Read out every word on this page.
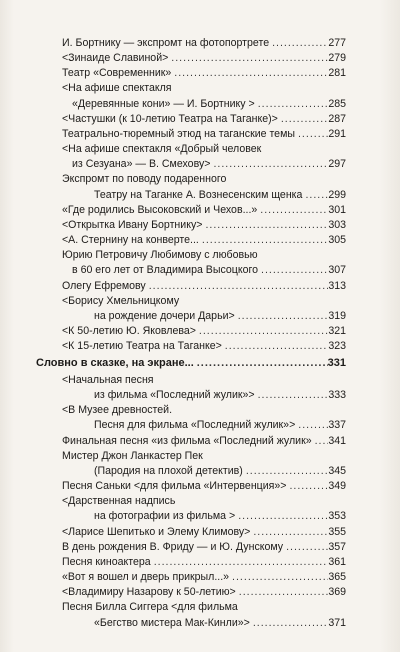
И. Бортнику — экспромт на фотопортрете .....	277
<Зинаиде Славиной> .....	279
Театр «Современник» .....	281
<На афише спектакля
«Деревянные кони» — И. Бортнику > .....	285
<Частушки (к 10-летию Театра на Таганке)> .....	287
Театрально-тюремный этюд на таганские темы .....	291
<На афише спектакля «Добрый человек
из Сезуана» — В. Смехову> .....	297
Экспромт по поводу подаренного
Театру на Таганке А. Вознесенским щенка ..... 299
«Где родились Высоковский и Чехов...» .....	301
<Открытка Ивану Бортнику> .....	303
<А. Стернину на конверте... .....	305
Юрию Петровичу Любимову с любовью
в 60 его лет от Владимира Высоцкого .....	307
Олегу Ефремову .....	313
<Борису Хмельницкому
на рождение дочери Дарьи> .....	319
<К 50-летию Ю. Яковлева> .....	321
<К 15-летию Театра на Таганке> .....	323
Словно в сказке, на экране... .....	331
<Начальная песня
из фильма «Последний жулик»> .....	333
<В Музее древностей.
Песня для фильма «Последний жулик»> .....	337
Финальная песня «из фильма «Последний жулик» ..... 341
Мистер Джон Ланкастер Пек
(Пародия на плохой детектив) .....	345
Песня Саньки <для фильма «Интервенция»> .....	349
<Дарственная надпись
на фотографии из фильма > .....	353
<Ларисе Шепитько и Элему Климову> .....	355
В день рождения В. Фриду — и Ю. Дунскому .....	357
Песня киноактера .....	361
«Вот я вошел и дверь прикрыл...» .....	365
<Владимиру Назарову к 50-летию> .....	369
Песня Билла Сиггера <для фильма
«Бегство мистера Мак-Кинли»> .....	371
